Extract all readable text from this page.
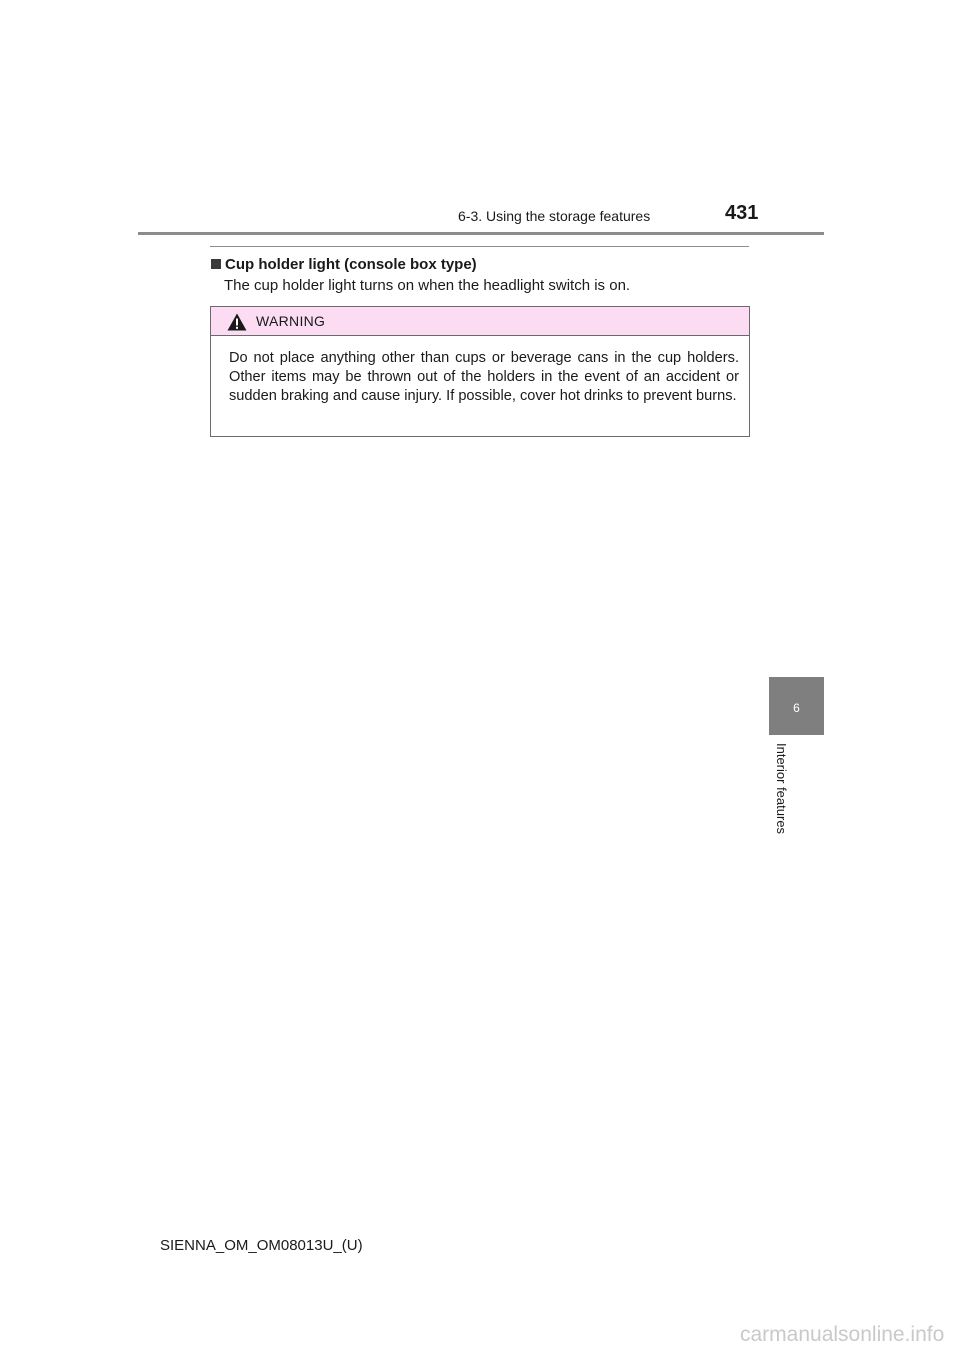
6-3. Using the storage features	431
Cup holder light (console box type)
The cup holder light turns on when the headlight switch is on.
WARNING
Do not place anything other than cups or beverage cans in the cup holders. Other items may be thrown out of the holders in the event of an accident or sudden braking and cause injury. If possible, cover hot drinks to prevent burns.
6
Interior features
SIENNA_OM_OM08013U_(U)
carmanualsonline.info
